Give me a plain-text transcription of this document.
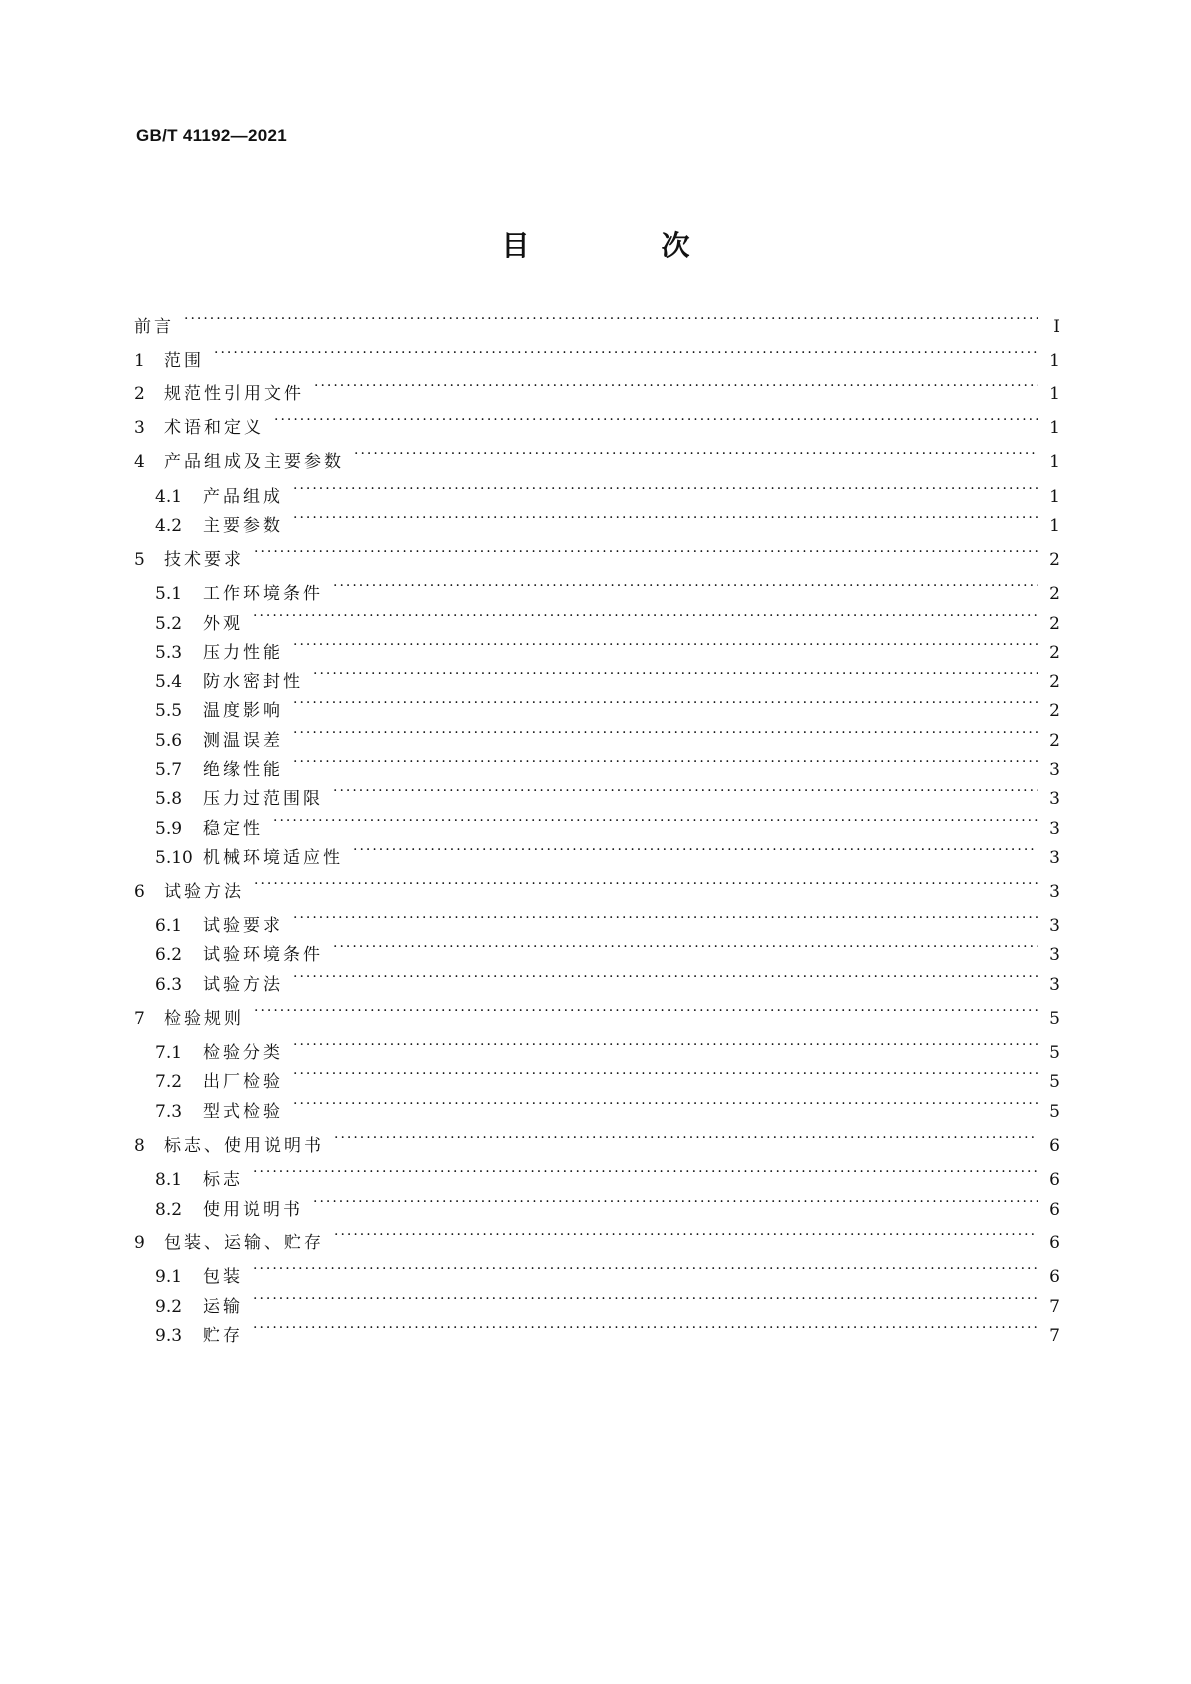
GB/T 41192—2021
目　次
前言 ·····	Ⅰ
1	范围 ·····	1
2	规范性引用文件 ·····	1
3	术语和定义 ·····	1
4	产品组成及主要参数 ·····	1
4.1	产品组成 ·····	1
4.2	主要参数 ·····	1
5	技术要求 ·····	2
5.1	工作环境条件 ·····	2
5.2	外观 ·····	2
5.3	压力性能 ·····	2
5.4	防水密封性 ·····	2
5.5	温度影响 ·····	2
5.6	测温误差 ·····	2
5.7	绝缘性能 ·····	3
5.8	压力过范围限 ·····	3
5.9	稳定性 ·····	3
5.10 机械环境适应性 ·····	3
6	试验方法 ·····	3
6.1	试验要求 ·····	3
6.2	试验环境条件 ·····	3
6.3	试验方法 ·····	3
7	检验规则 ·····	5
7.1	检验分类 ·····	5
7.2	出厂检验 ·····	5
7.3	型式检验 ·····	5
8	标志、使用说明书 ·····	6
8.1	标志 ·····	6
8.2	使用说明书 ·····	6
9	包装、运输、贮存 ·····	6
9.1	包装 ·····	6
9.2	运输 ·····	7
9.3	贮存 ·····	7
